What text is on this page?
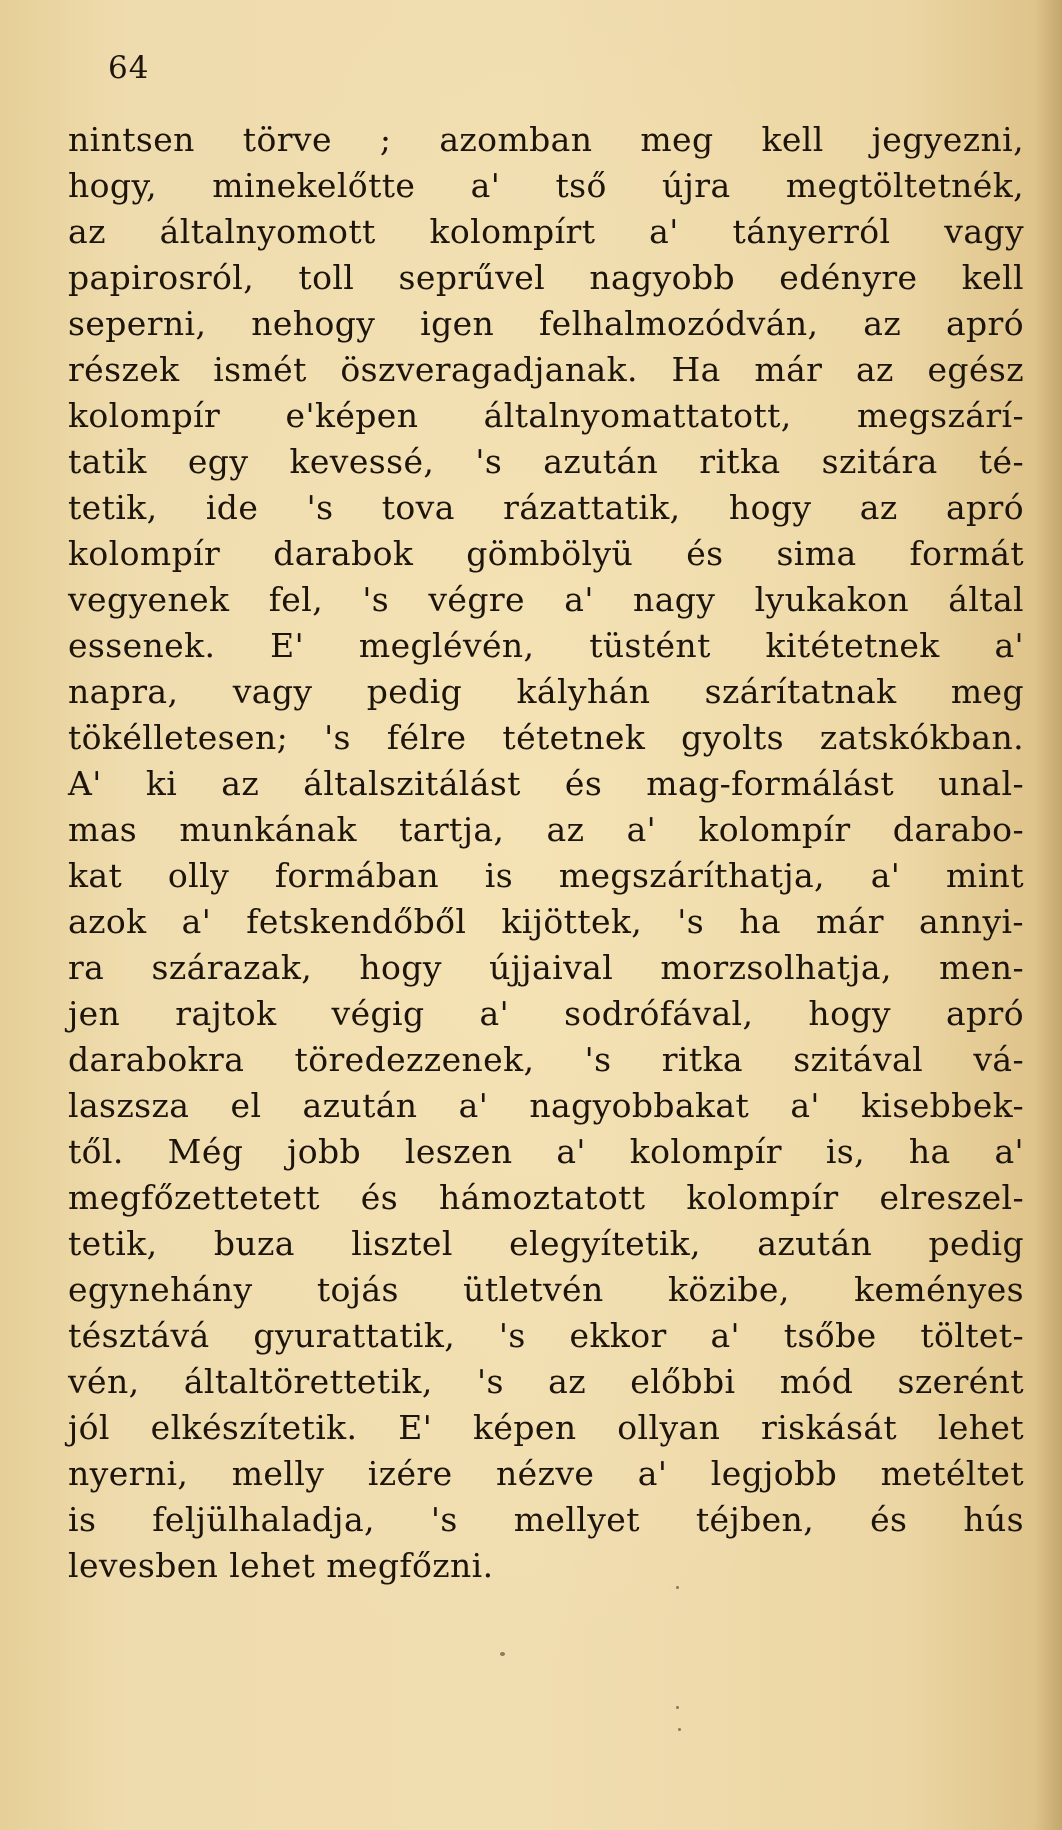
64
nintsen törve ; azomban meg kell jegyezni,
hogy, minekelőtte a' tső újra megtöltetnék,
az általnyomott kolompírt a' tányerról vagy
papirosról, toll seprűvel nagyobb edényre kell
seperni, nehogy igen felhalmozódván, az apró
részek ismét öszveragadjanak. Ha már az egész
kolompír e'képen általnyomattatott, megszárí-
tatik egy kevessé, 's azután ritka szitára té-
tetik, ide 's tova rázattatik, hogy az apró
kolompír darabok gömbölyü és sima formát
vegyenek fel, 's végre a' nagy lyukakon által
essenek. E' meglévén, tüstént kitétetnek a'
napra, vagy pedig kályhán szárítatnak meg
tökélletesen; 's félre tétetnek gyolts zatskókban.
A' ki az általszitálást és mag-formálást unal-
mas munkának tartja, az a' kolompír darabo-
kat olly formában is megszáríthatja, a' mint
azok a' fetskendőből kijöttek, 's ha már annyi-
ra szárazak, hogy újjaival morzsolhatja, men-
jen rajtok végig a' sodrófával, hogy apró
darabokra töredezzenek, 's ritka szitával vá-
laszsza el azután a' nagyobbakat a' kisebbek-
től. Még jobb leszen a' kolompír is, ha a'
megfőzettetett és hámoztatott kolompír elreszel-
tetik, buza lisztel elegyítetik, azután pedig
egynehány tojás ütletvén közibe, keményes
tésztává gyurattatik, 's ekkor a' tsőbe töltet-
vén, általtörettetik, 's az előbbi mód szerént
jól elkészítetik. E' képen ollyan riskását lehet
nyerni, melly izére nézve a' legjobb metéltet
is feljülhaladja, 's mellyet téjben, és hús
levesben lehet megfőzni.
